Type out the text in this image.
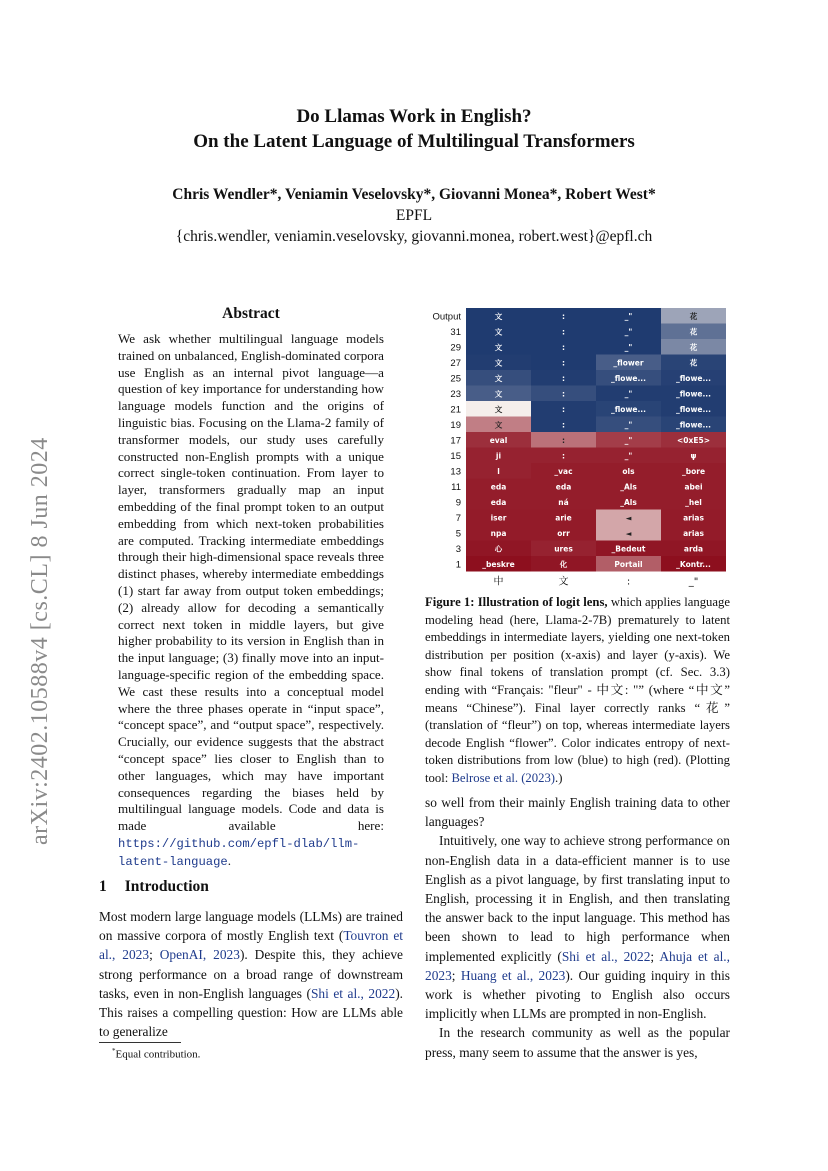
arXiv:2402.10588v4 [cs.CL] 8 Jun 2024
Do Llamas Work in English?
On the Latent Language of Multilingual Transformers
Chris Wendler*, Veniamin Veselovsky*, Giovanni Monea*, Robert West*
EPFL
{chris.wendler, veniamin.veselovsky, giovanni.monea, robert.west}@epfl.ch
Abstract

We ask whether multilingual language models trained on unbalanced, English-dominated corpora use English as an internal pivot language—a question of key importance for understanding how language models function and the origins of linguistic bias. Focusing on the Llama-2 family of transformer models, our study uses carefully constructed non-English prompts with a unique correct single-token continuation. From layer to layer, transformers gradually map an input embedding of the final prompt token to an output embedding from which next-token probabilities are computed. Tracking intermediate embeddings through their high-dimensional space reveals three distinct phases, whereby intermediate embeddings (1) start far away from output token embeddings; (2) already allow for decoding a semantically correct next token in middle layers, but give higher probability to its version in English than in the input language; (3) finally move into an input-language-specific region of the embedding space. We cast these results into a conceptual model where the three phases operate in “input space”, “concept space”, and “output space”, respectively. Crucially, our evidence suggests that the abstract “concept space” lies closer to English than to other languages, which may have important consequences regarding the biases held by multilingual language models. Code and data is made available here: https://github.com/epfl-dlab/llm-latent-language.

1 Introduction

Most modern large language models (LLMs) are trained on massive corpora of mostly English text (Touvron et al., 2023; OpenAI, 2023). Despite this, they achieve strong performance on a broad range of downstream tasks, even in non-English languages (Shi et al., 2022). This raises a compelling question: How are LLMs able to generalize

*Equal contribution.
Output	文	:	_"	花
31	文	:	_"	花
29	文	:	_"	花
27	文	:	_flower	花
25	文	:	_flowe...	_flowe...
23	文	:	_"	_flowe...
21	文	:	_flowe...	_flowe...
19	文	:	_"	_flowe...
17	eval	:	_"	<0xE5>
15	ji	:	_"	ψ
13	l	_vac	ols	_bore
11	eda	eda	_Als	abei
9	eda	ná	_Als	_hel
7	iser	arie	◄	arias
5	npa	orr	◄	arias
3	心	ures	_Bedeut	arda
1	_beskre	化	Portail	_Kontr...
中	文	:	_"

Figure 1: Illustration of logit lens, which applies language modeling head (here, Llama-2-7B) prematurely to latent embeddings in intermediate layers, yielding one next-token distribution per position (x-axis) and layer (y-axis). We show final tokens of translation prompt (cf. Sec. 3.3) ending with “Français: "fleur" - 中文: "” (where “中文” means “Chinese”). Final layer correctly ranks “花” (translation of “fleur”) on top, whereas intermediate layers decode English “flower”. Color indicates entropy of next-token distributions from low (blue) to high (red). (Plotting tool: Belrose et al. (2023).)

so well from their mainly English training data to other languages?

Intuitively, one way to achieve strong performance on non-English data in a data-efficient manner is to use English as a pivot language, by first translating input to English, processing it in English, and then translating the answer back to the input language. This method has been shown to lead to high performance when implemented explicitly (Shi et al., 2022; Ahuja et al., 2023; Huang et al., 2023). Our guiding inquiry in this work is whether pivoting to English also occurs implicitly when LLMs are prompted in non-English.

In the research community as well as the popular press, many seem to assume that the answer is yes,
